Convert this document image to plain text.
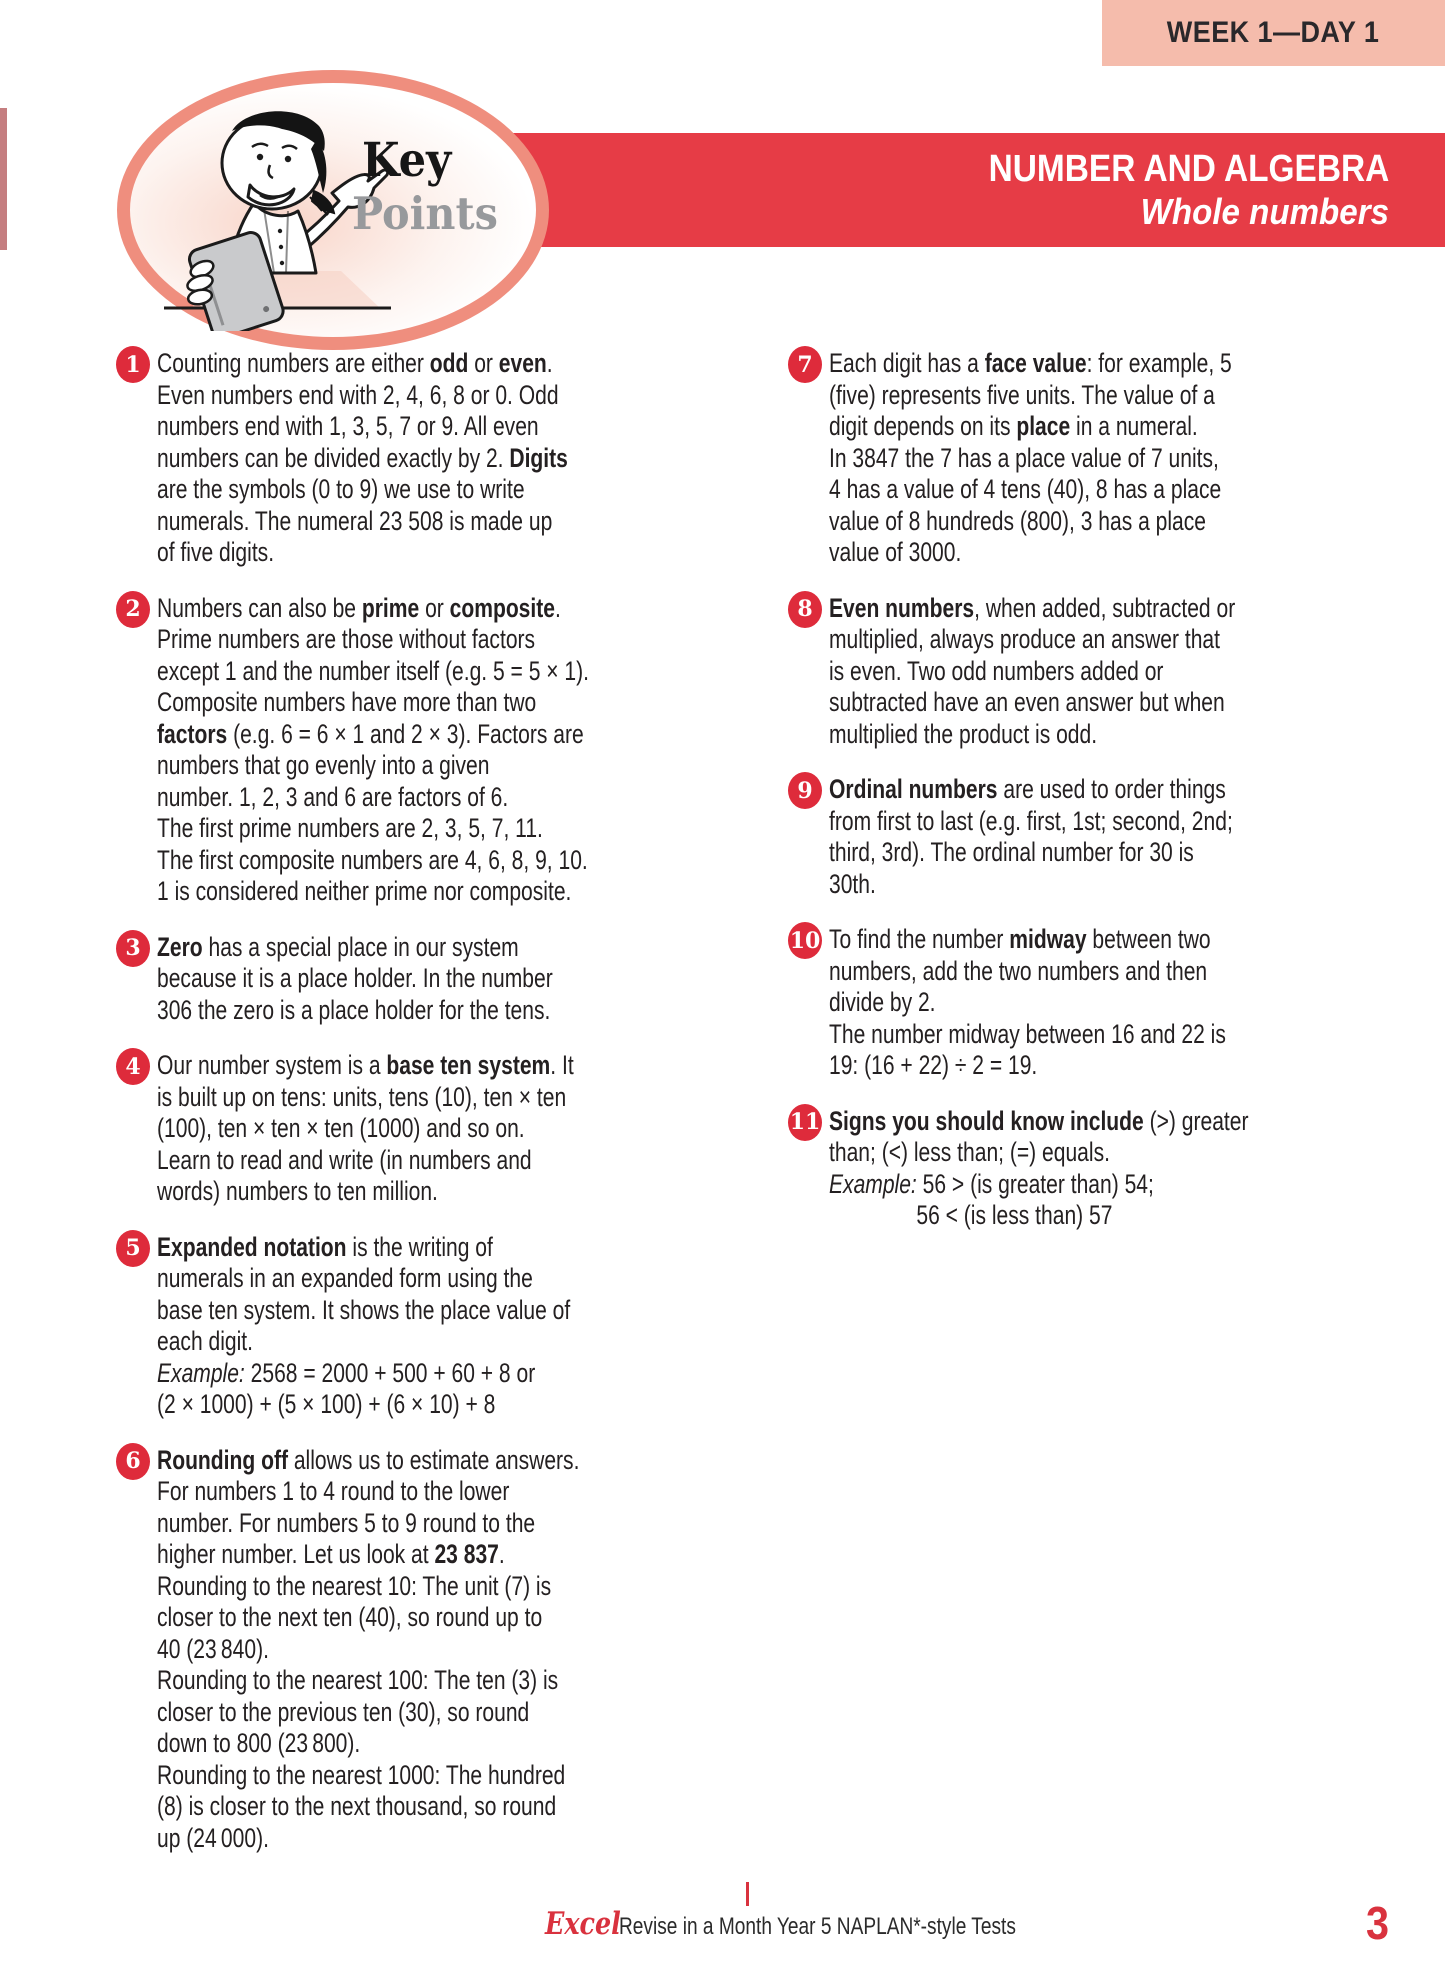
WEEK 1—DAY 1
NUMBER AND ALGEBRA
Whole numbers
Key
Points
1 Counting numbers are either odd or even.
Even numbers end with 2, 4, 6, 8 or 0. Odd
numbers end with 1, 3, 5, 7 or 9. All even
numbers can be divided exactly by 2. Digits
are the symbols (0 to 9) we use to write
numerals. The numeral 23 508 is made up
of five digits.
2 Numbers can also be prime or composite.
Prime numbers are those without factors
except 1 and the number itself (e.g. 5 = 5 × 1).
Composite numbers have more than two
factors (e.g. 6 = 6 × 1 and 2 × 3). Factors are
numbers that go evenly into a given
number. 1, 2, 3 and 6 are factors of 6.
The first prime numbers are 2, 3, 5, 7, 11.
The first composite numbers are 4, 6, 8, 9, 10.
1 is considered neither prime nor composite.
3 Zero has a special place in our system
because it is a place holder. In the number
306 the zero is a place holder for the tens.
4 Our number system is a base ten system. It
is built up on tens: units, tens (10), ten × ten
(100), ten × ten × ten (1000) and so on.
Learn to read and write (in numbers and
words) numbers to ten million.
5 Expanded notation is the writing of
numerals in an expanded form using the
base ten system. It shows the place value of
each digit.
Example: 2568 = 2000 + 500 + 60 + 8 or
(2 × 1000) + (5 × 100) + (6 × 10) + 8
6 Rounding off allows us to estimate answers.
For numbers 1 to 4 round to the lower
number. For numbers 5 to 9 round to the
higher number. Let us look at 23 837.
Rounding to the nearest 10: The unit (7) is
closer to the next ten (40), so round up to
40 (23 840).
Rounding to the nearest 100: The ten (3) is
closer to the previous ten (30), so round
down to 800 (23 800).
Rounding to the nearest 1000: The hundred
(8) is closer to the next thousand, so round
up (24 000).
7 Each digit has a face value: for example, 5
(five) represents five units. The value of a
digit depends on its place in a numeral.
In 3847 the 7 has a place value of 7 units,
4 has a value of 4 tens (40), 8 has a place
value of 8 hundreds (800), 3 has a place
value of 3000.
8 Even numbers, when added, subtracted or
multiplied, always produce an answer that
is even. Two odd numbers added or
subtracted have an even answer but when
multiplied the product is odd.
9 Ordinal numbers are used to order things
from first to last (e.g. first, 1st; second, 2nd;
third, 3rd). The ordinal number for 30 is
30th.
10 To find the number midway between two
numbers, add the two numbers and then
divide by 2.
The number midway between 16 and 22 is
19: (16 + 22) ÷ 2 = 19.
11 Signs you should know include (>) greater
than; (<) less than; (=) equals.
Example: 56 > (is greater than) 54;
56 < (is less than) 57
Excel
Revise in a Month Year 5 NAPLAN*-style Tests	3
